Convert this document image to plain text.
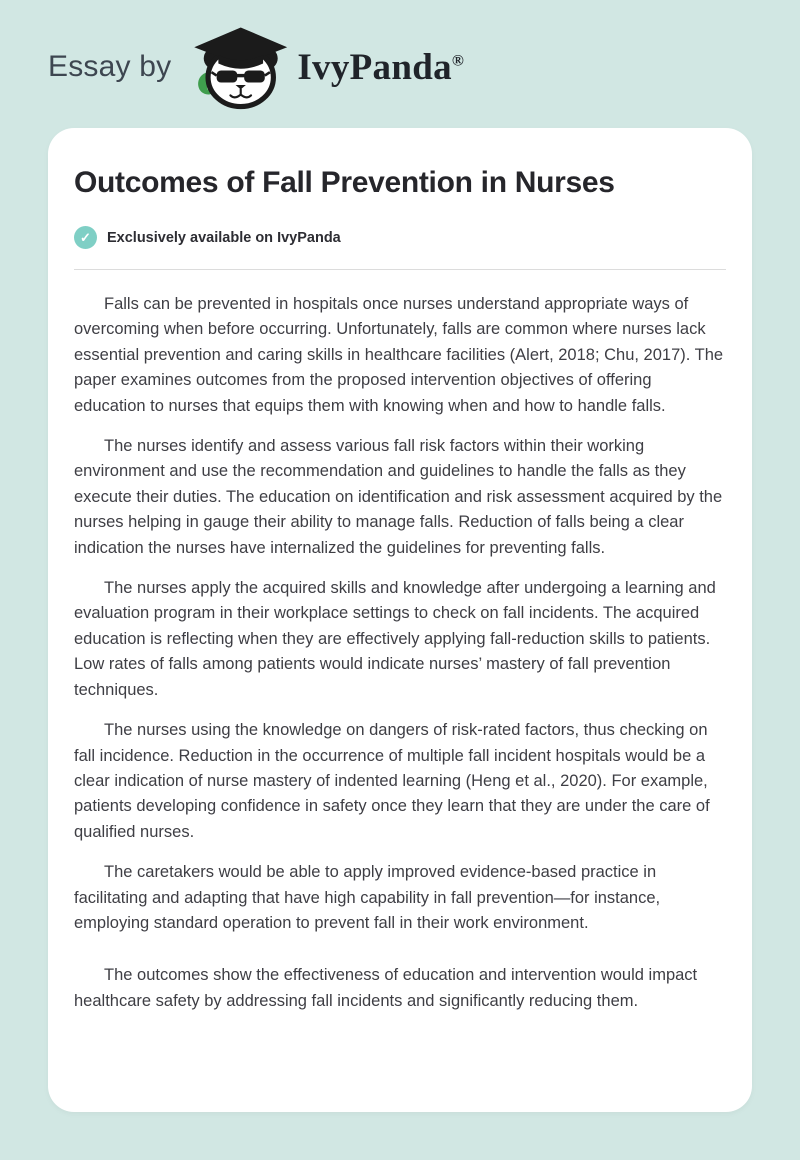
Essay by	IvyPanda®
Outcomes of Fall Prevention in Nurses
✓	Exclusively available on IvyPanda

Falls can be prevented in hospitals once nurses understand appropriate ways of overcoming when before occurring. Unfortunately, falls are common where nurses lack essential prevention and caring skills in healthcare facilities (Alert, 2018; Chu, 2017). The paper examines outcomes from the proposed intervention objectives of offering education to nurses that equips them with knowing when and how to handle falls.

The nurses identify and assess various fall risk factors within their working environment and use the recommendation and guidelines to handle the falls as they execute their duties. The education on identification and risk assessment acquired by the nurses helping in gauge their ability to manage falls. Reduction of falls being a clear indication the nurses have internalized the guidelines for preventing falls.

The nurses apply the acquired skills and knowledge after undergoing a learning and evaluation program in their workplace settings to check on fall incidents. The acquired education is reflecting when they are effectively applying fall-reduction skills to patients. Low rates of falls among patients would indicate nurses’ mastery of fall prevention techniques.

The nurses using the knowledge on dangers of risk-rated factors, thus checking on fall incidence. Reduction in the occurrence of multiple fall incident hospitals would be a clear indication of nurse mastery of indented learning (Heng et al., 2020). For example, patients developing confidence in safety once they learn that they are under the care of qualified nurses.

The caretakers would be able to apply improved evidence-based practice in facilitating and adapting that have high capability in fall prevention—for instance, employing standard operation to prevent fall in their work environment.

The outcomes show the effectiveness of education and intervention would impact healthcare safety by addressing fall incidents and significantly reducing them.
